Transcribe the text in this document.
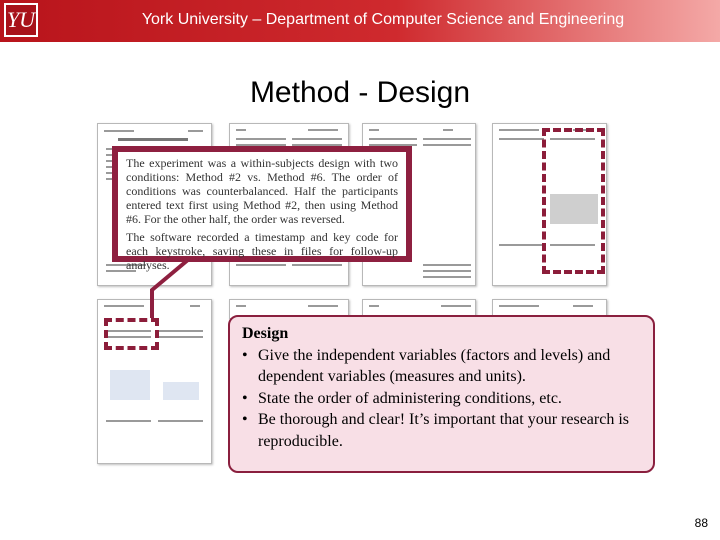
YU	York University – Department of Computer Science and Engineering
Method - Design

The experiment was a within-subjects design with two conditions: Method #2 vs. Method #6. The order of conditions was counterbalanced. Half the participants entered text first using Method #2, then using Method #6. For the other half, the order was reversed.

The software recorded a timestamp and key code for each keystroke, saving these in files for follow-up analyses.

Design
• Give the independent variables (factors and levels) and dependent variables (measures and units).
• State the order of administering conditions, etc.
• Be thorough and clear! It’s important that your research is reproducible.
88
